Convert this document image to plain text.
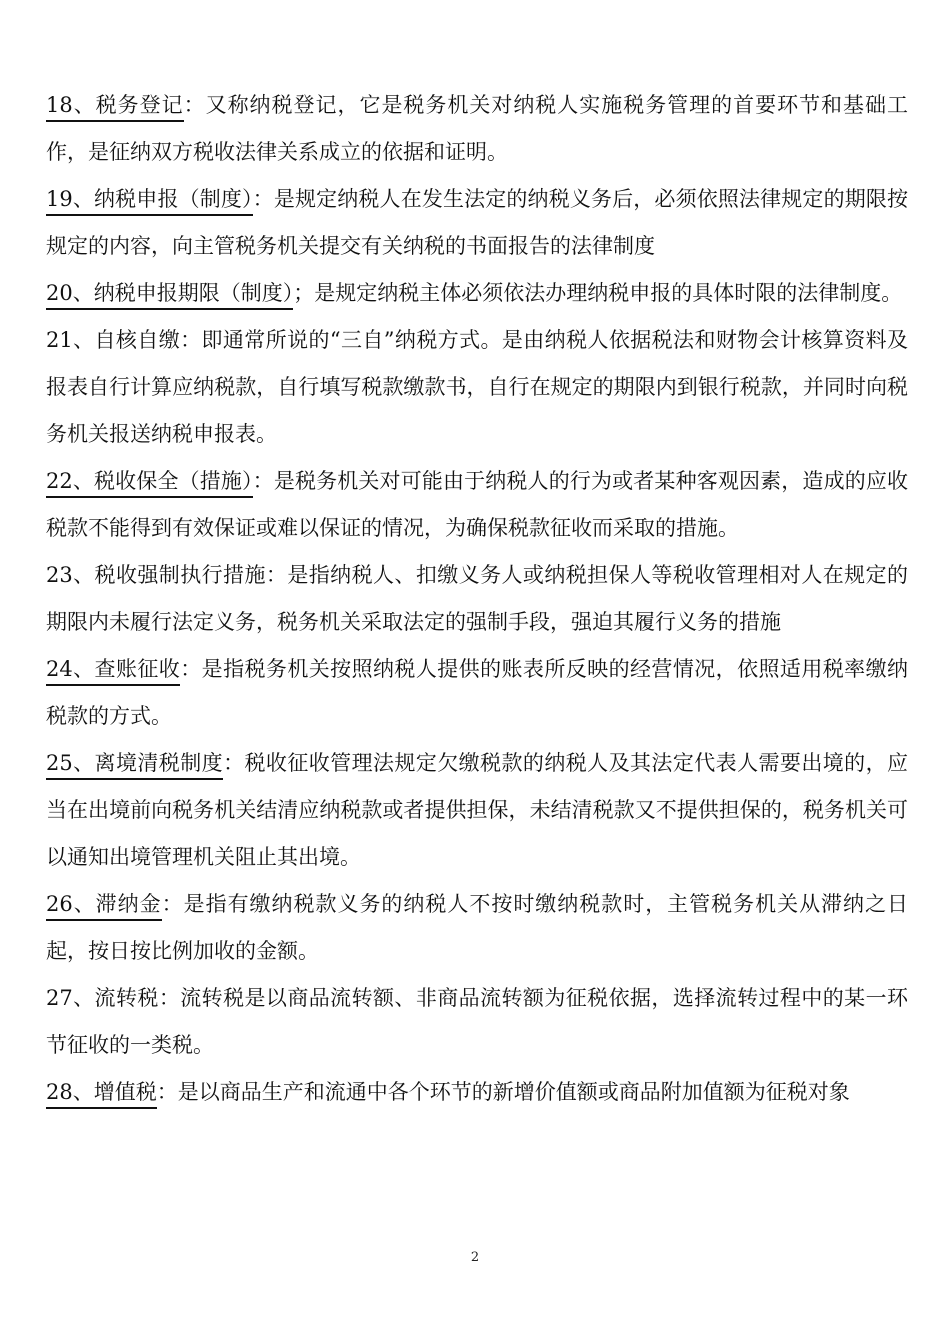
18、税务登记：又称纳税登记，它是税务机关对纳税人实施税务管理的首要环节和基础工作，是征纳双方税收法律关系成立的依据和证明。

19、纳税申报（制度）：是规定纳税人在发生法定的纳税义务后，必须依照法律规定的期限按规定的内容，向主管税务机关提交有关纳税的书面报告的法律制度

20、纳税申报期限（制度）；是规定纳税主体必须依法办理纳税申报的具体时限的法律制度。

21、自核自缴：即通常所说的“三自”纳税方式。是由纳税人依据税法和财物会计核算资料及报表自行计算应纳税款，自行填写税款缴款书，自行在规定的期限内到银行税款，并同时向税务机关报送纳税申报表。

22、税收保全（措施）：是税务机关对可能由于纳税人的行为或者某种客观因素，造成的应收税款不能得到有效保证或难以保证的情况，为确保税款征收而采取的措施。

23、税收强制执行措施：是指纳税人、扣缴义务人或纳税担保人等税收管理相对人在规定的期限内未履行法定义务，税务机关采取法定的强制手段，强迫其履行义务的措施

24、查账征收：是指税务机关按照纳税人提供的账表所反映的经营情况，依照适用税率缴纳税款的方式。

25、离境清税制度：税收征收管理法规定欠缴税款的纳税人及其法定代表人需要出境的，应当在出境前向税务机关结清应纳税款或者提供担保，未结清税款又不提供担保的，税务机关可以通知出境管理机关阻止其出境。

26、滞纳金：是指有缴纳税款义务的纳税人不按时缴纳税款时，主管税务机关从滞纳之日起，按日按比例加收的金额。

27、流转税：流转税是以商品流转额、非商品流转额为征税依据，选择流转过程中的某一环节征收的一类税。

28、增值税：是以商品生产和流通中各个环节的新增价值额或商品附加值额为征税对象

2
